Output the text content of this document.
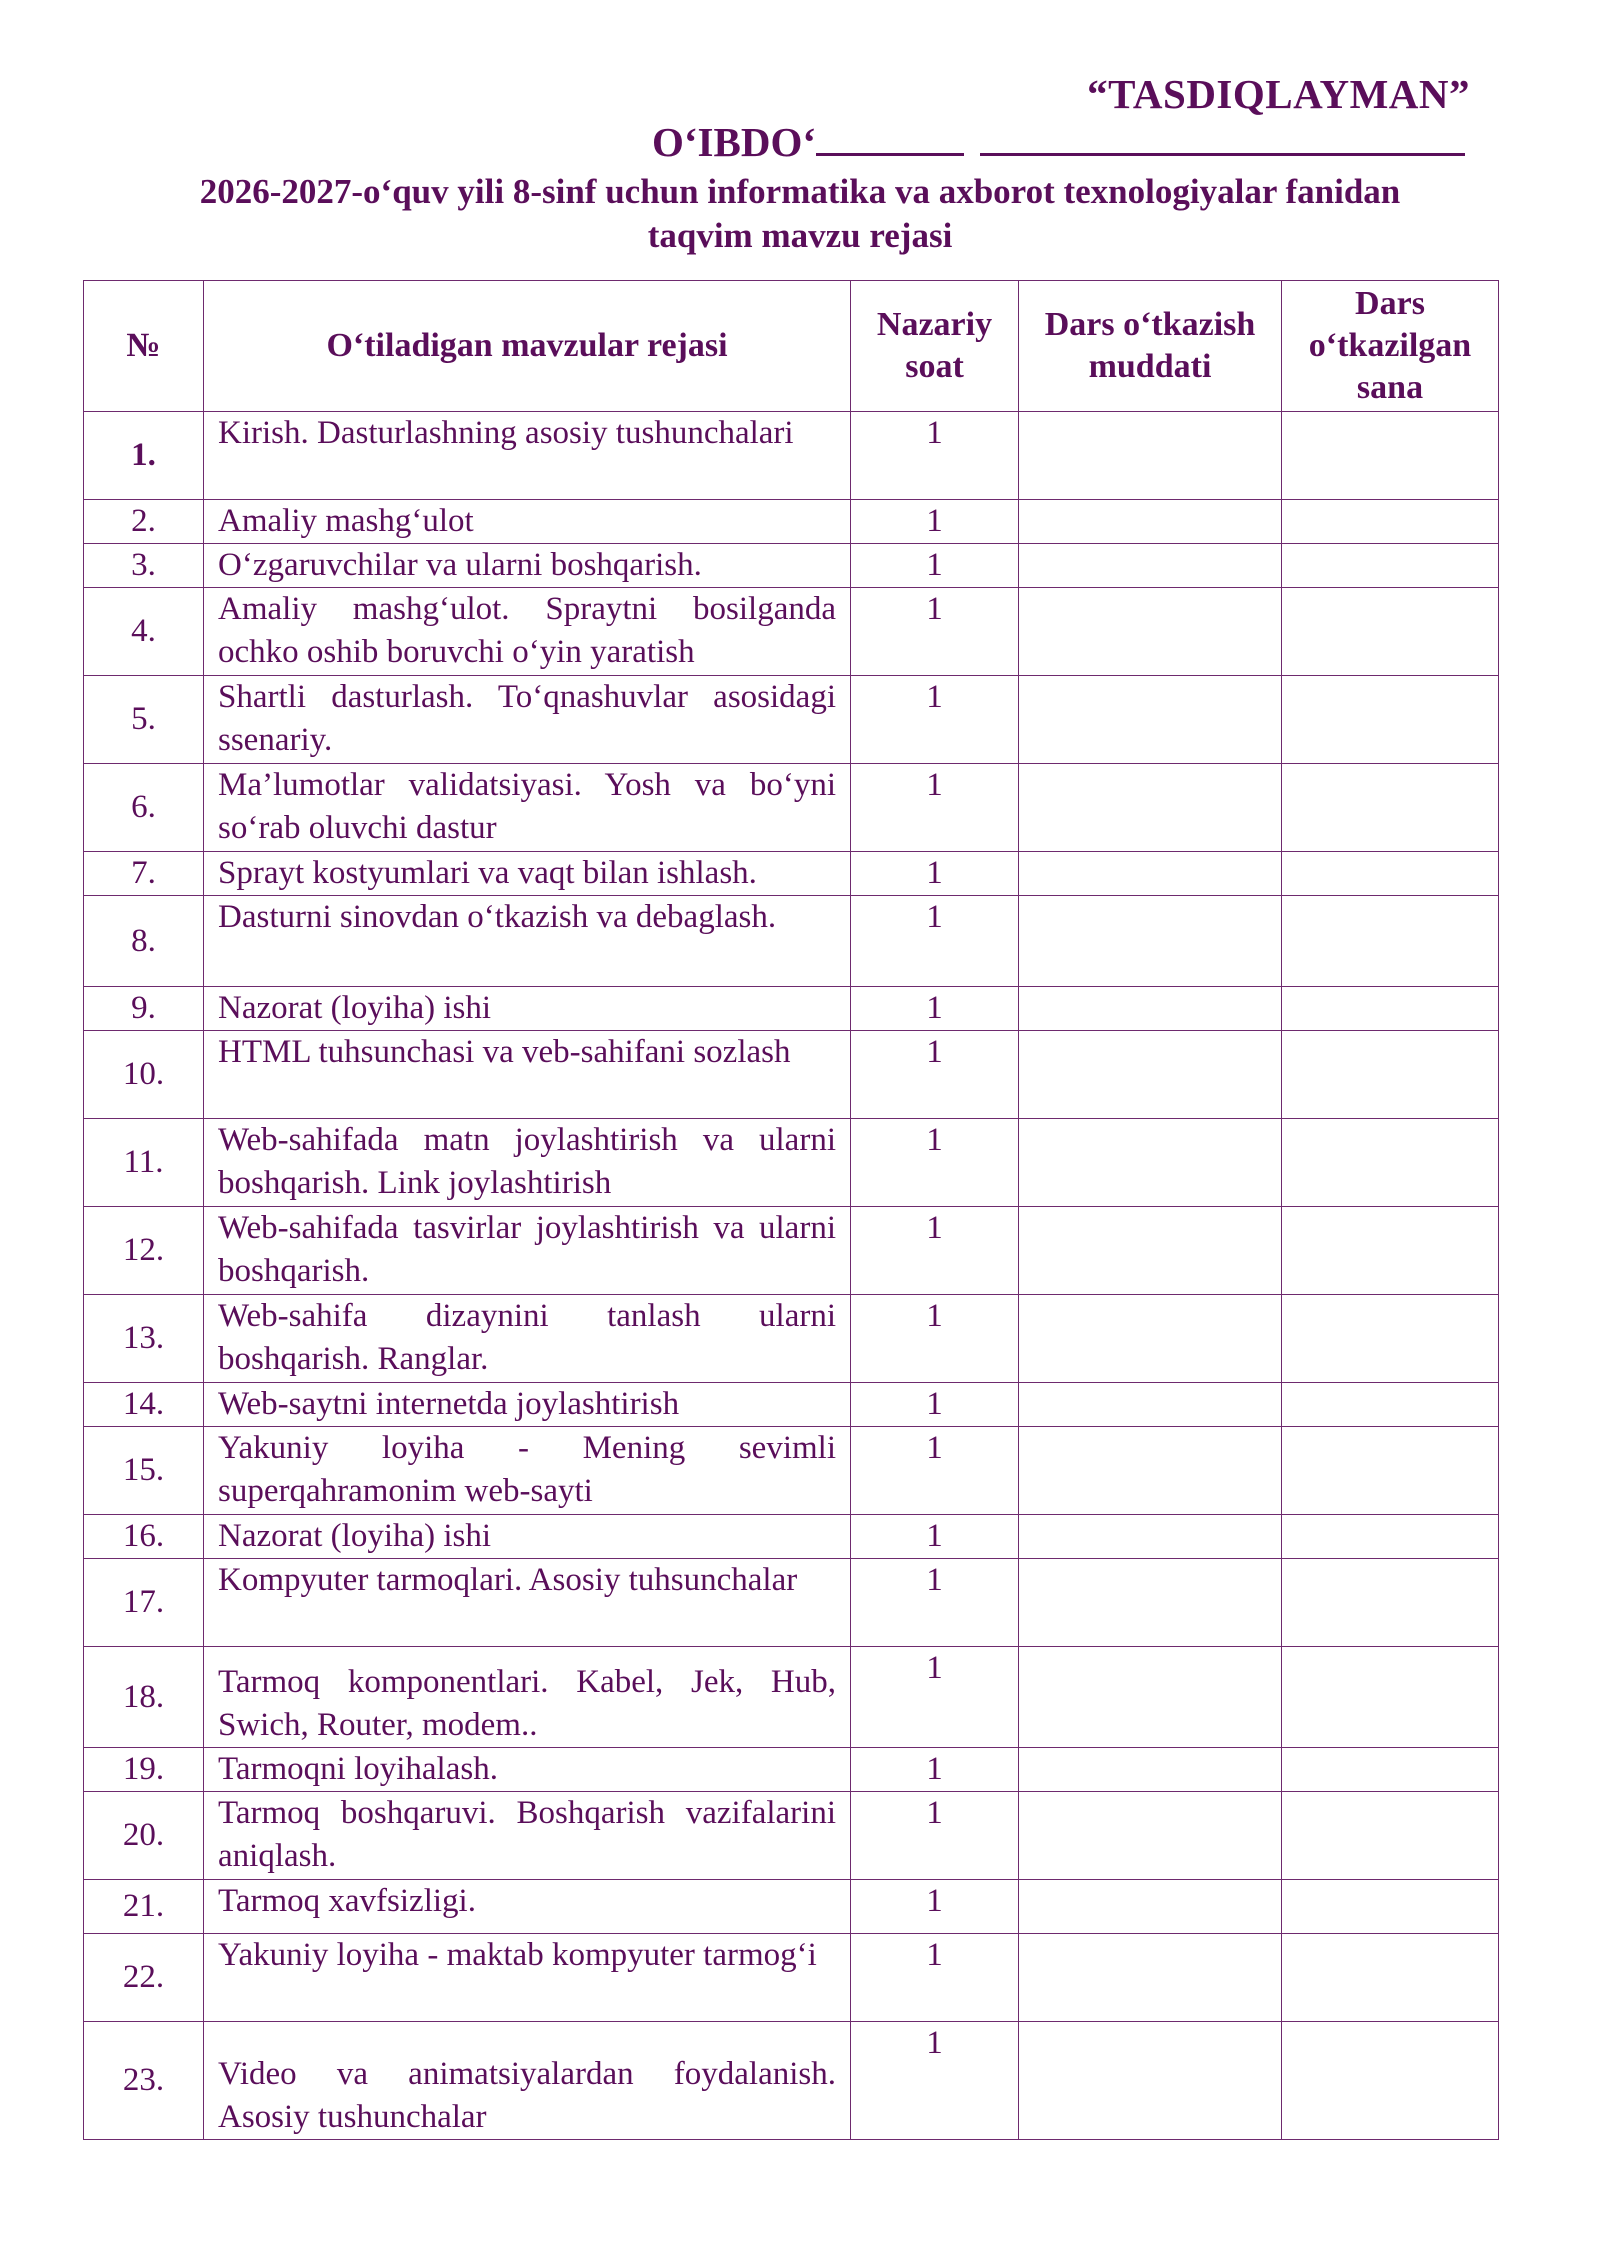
“TASDIQLAYMAN”
O‘IBDO‘
2026-2027-o‘quv yili 8-sinf uchun informatika va axborot texnologiyalar fanidan
taqvim mavzu rejasi
№	O‘tiladigan mavzular rejasi	Nazariy soat	Dars o‘tkazish muddati	Dars o‘tkazilgan sana
1.	Kirish. Dasturlashning asosiy tushunchalari	1		
2.	Amaliy mashg‘ulot	1		
3.	O‘zgaruvchilar va ularni boshqarish.	1		
4.	Amaliy mashg‘ulot. Spraytni bosilganda ochko oshib boruvchi o‘yin yaratish	1		
5.	Shartli dasturlash. To‘qnashuvlar asosidagi ssenariy.	1		
6.	Ma’lumotlar validatsiyasi. Yosh va bo‘yni so‘rab oluvchi dastur	1		
7.	Sprayt kostyumlari va vaqt bilan ishlash.	1		
8.	Dasturni sinovdan o‘tkazish va debaglash.	1		
9.	Nazorat (loyiha) ishi	1		
10.	HTML tuhsunchasi va veb-sahifani sozlash	1		
11.	Web-sahifada matn joylashtirish va ularni boshqarish. Link joylashtirish	1		
12.	Web-sahifada tasvirlar joylashtirish va ularni boshqarish.	1		
13.	Web-sahifa dizaynini tanlash ularni boshqarish. Ranglar.	1		
14.	Web-saytni internetda joylashtirish	1		
15.	Yakuniy loyiha - Mening sevimli superqahramonim web-sayti	1		
16.	Nazorat (loyiha) ishi	1		
17.	Kompyuter tarmoqlari. Asosiy tuhsunchalar	1		
18.	Tarmoq komponentlari. Kabel, Jek, Hub, Swich, Router, modem..	1		
19.	Tarmoqni loyihalash.	1		
20.	Tarmoq boshqaruvi. Boshqarish vazifalarini aniqlash.	1		
21.	Tarmoq xavfsizligi.	1		
22.	Yakuniy loyiha - maktab kompyuter tarmog‘i	1		
23.	Video va animatsiyalardan foydalanish. Asosiy tushunchalar	1		
